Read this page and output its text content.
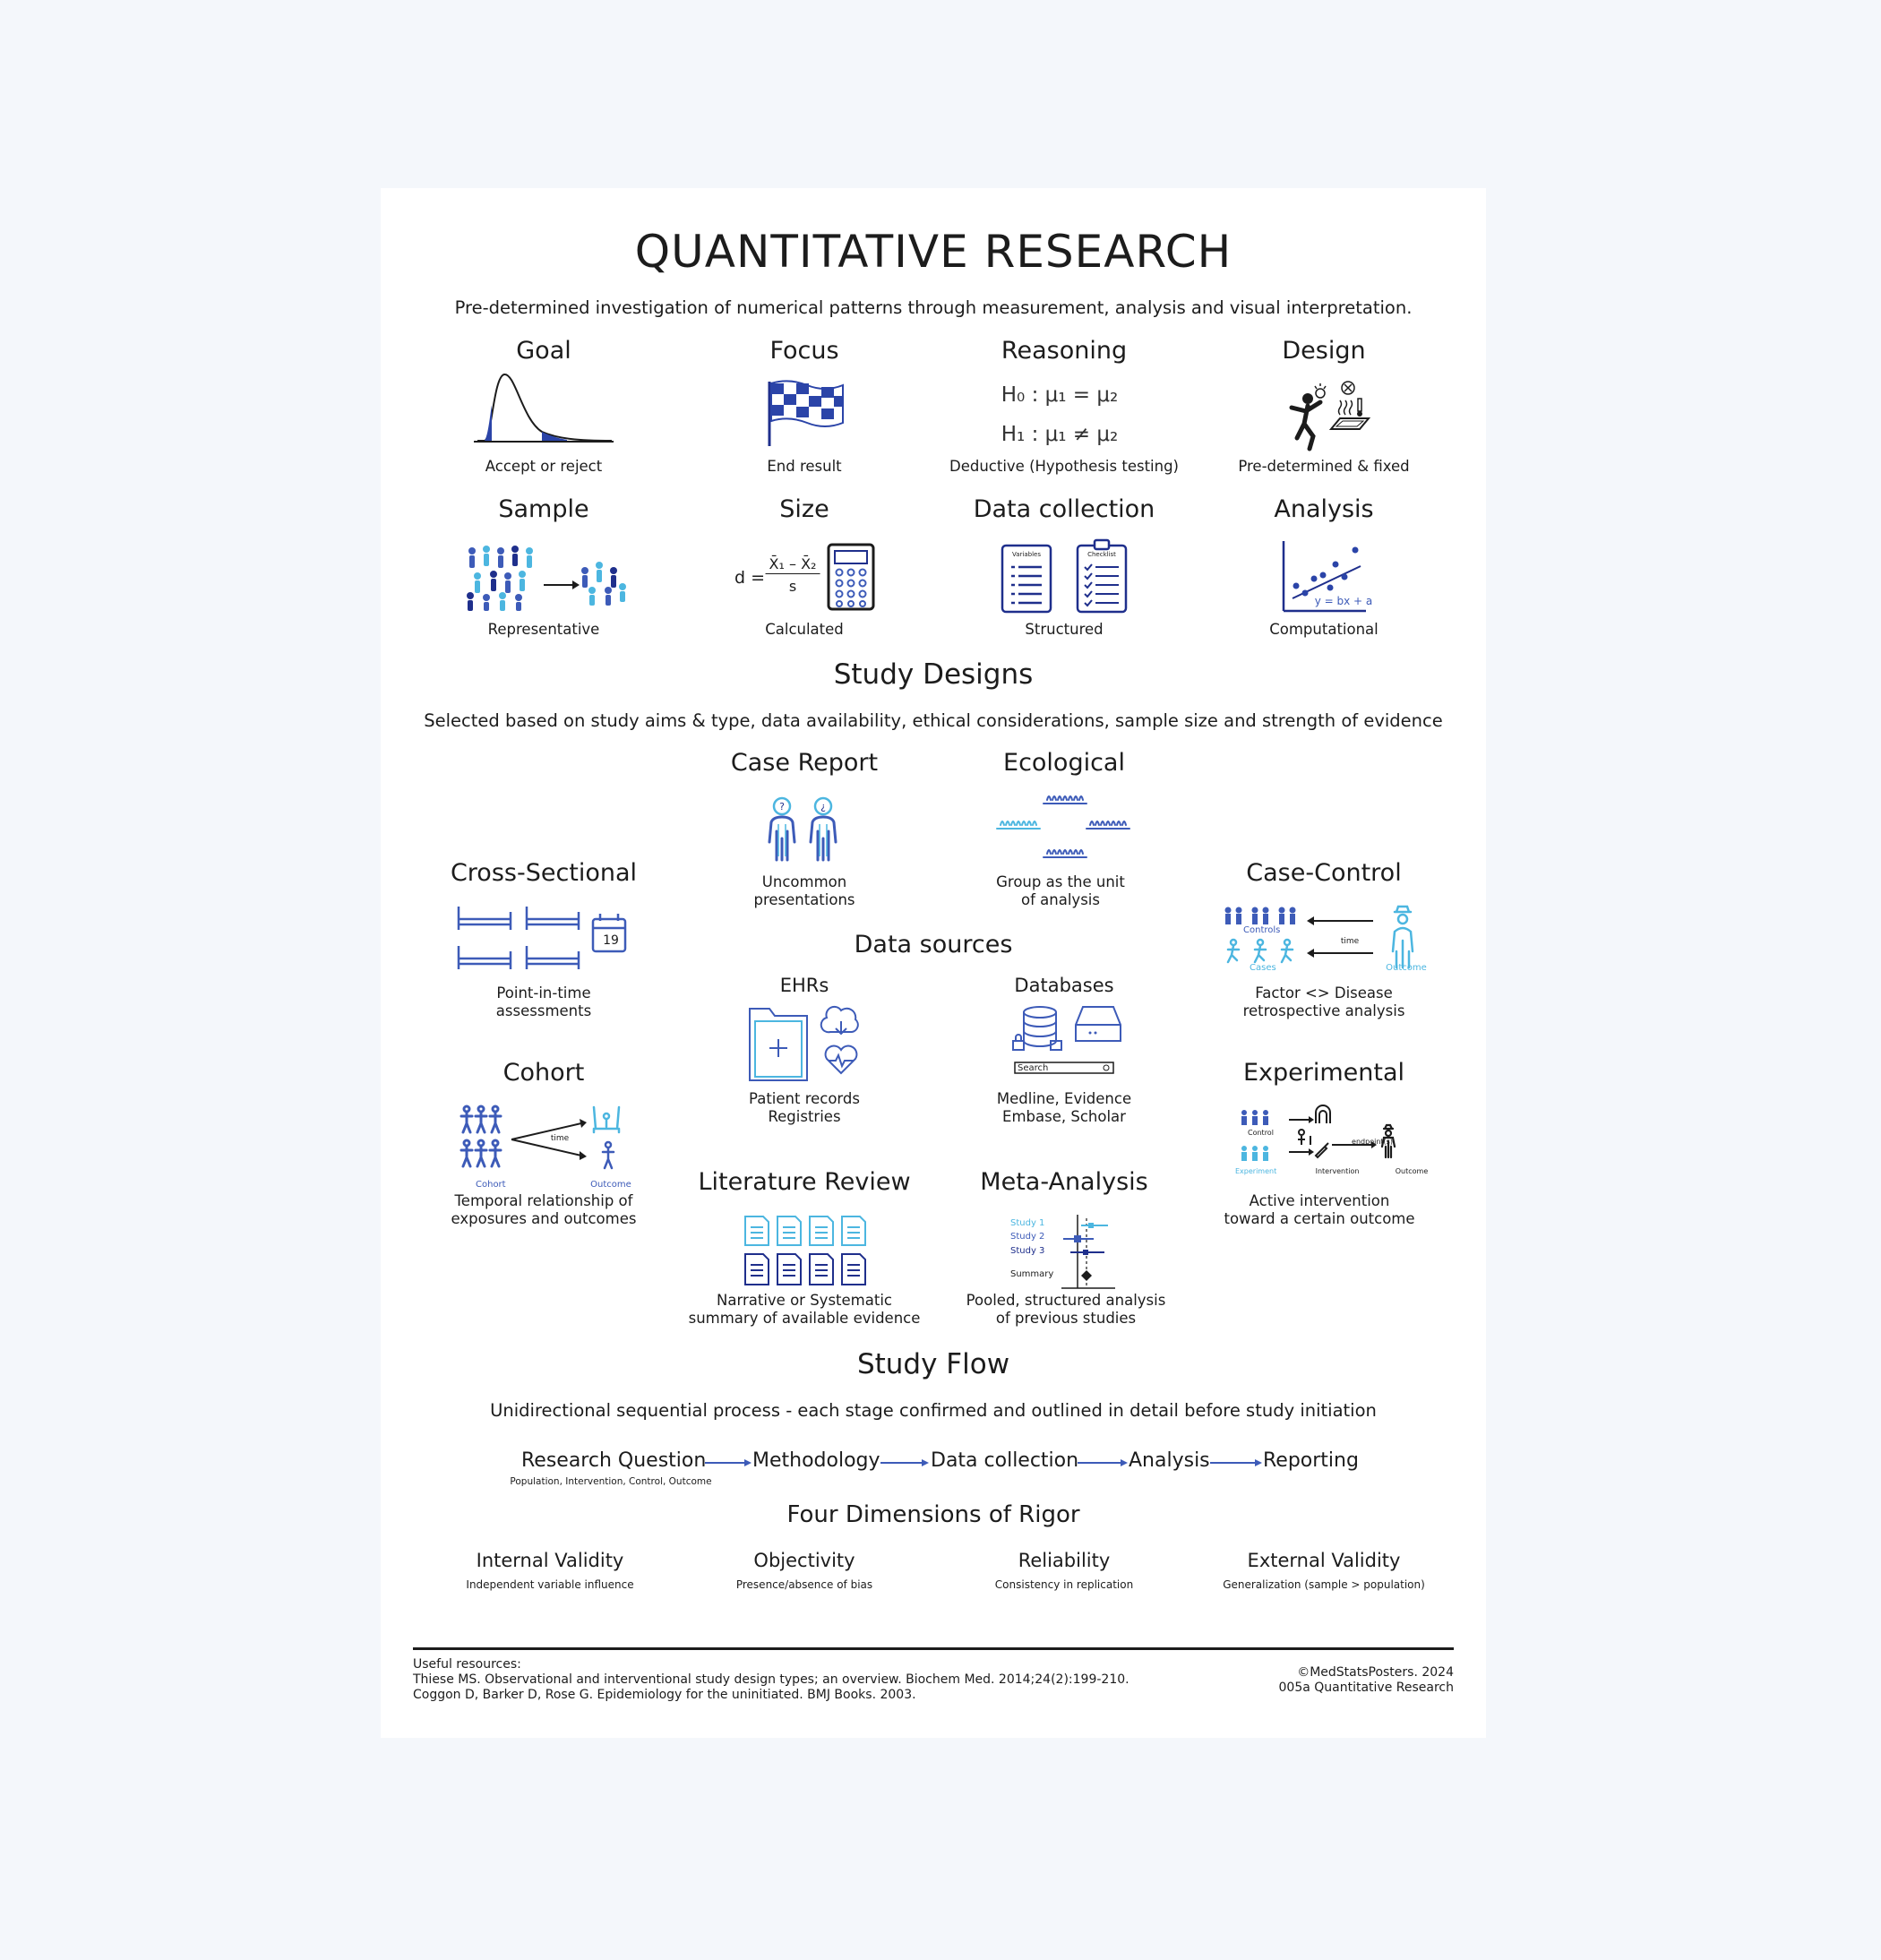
QUANTITATIVE RESEARCH
Pre-determined investigation of numerical patterns through measurement, analysis and visual interpretation.
Goal	Focus	Reasoning	Design
H₀ : μ₁ = μ₂
H₁ : μ₁ ≠ μ₂
Accept or reject	End result	Deductive (Hypothesis testing)	Pre-determined & fixed
Sample	Size	Data collection	Analysis
d =
X̄₁ – X̄₂
s
Variables	Checklist
y = bx + a
Representative	Calculated	Structured	Computational
Study Designs
Selected based on study aims & type, data availability, ethical considerations, sample size and strength of evidence
Case Report
?	¿
Uncommon
presentations
Ecological
Group as the unit
of analysis
Cross-Sectional
19
Point-in-time
assessments
Case-Control
Controls
Cases
time
Outcome
Factor <> Disease
retrospective analysis
Data sources
EHRs
Patient records
Registries
Databases
Search
Medline, Evidence
Embase, Scholar
Cohort
Cohort
time
Outcome
Temporal relationship of
exposures and outcomes
Experimental
Control
Experiment	Intervention
endpoint(s)
Outcome
Active intervention
toward a certain outcome
Literature Review
Narrative or Systematic
summary of available evidence
Meta-Analysis
Study 1
Study 2
Study 3
Summary
Pooled, structured analysis
of previous studies
Study Flow
Unidirectional sequential process - each stage confirmed and outlined in detail before study initiation
Research Question
Population, Intervention, Control, Outcome
Methodology	Data collection	Analysis	Reporting
Four Dimensions of Rigor
Internal Validity
Independent variable influence
Objectivity
Presence/absence of bias
Reliability
Consistency in replication
External Validity
Generalization (sample > population)
Useful resources:
Thiese MS. Observational and interventional study design types; an overview. Biochem Med. 2014;24(2):199-210.
Coggon D, Barker D, Rose G. Epidemiology for the uninitiated. BMJ Books. 2003.
©MedStatsPosters. 2024
005a Quantitative Research
